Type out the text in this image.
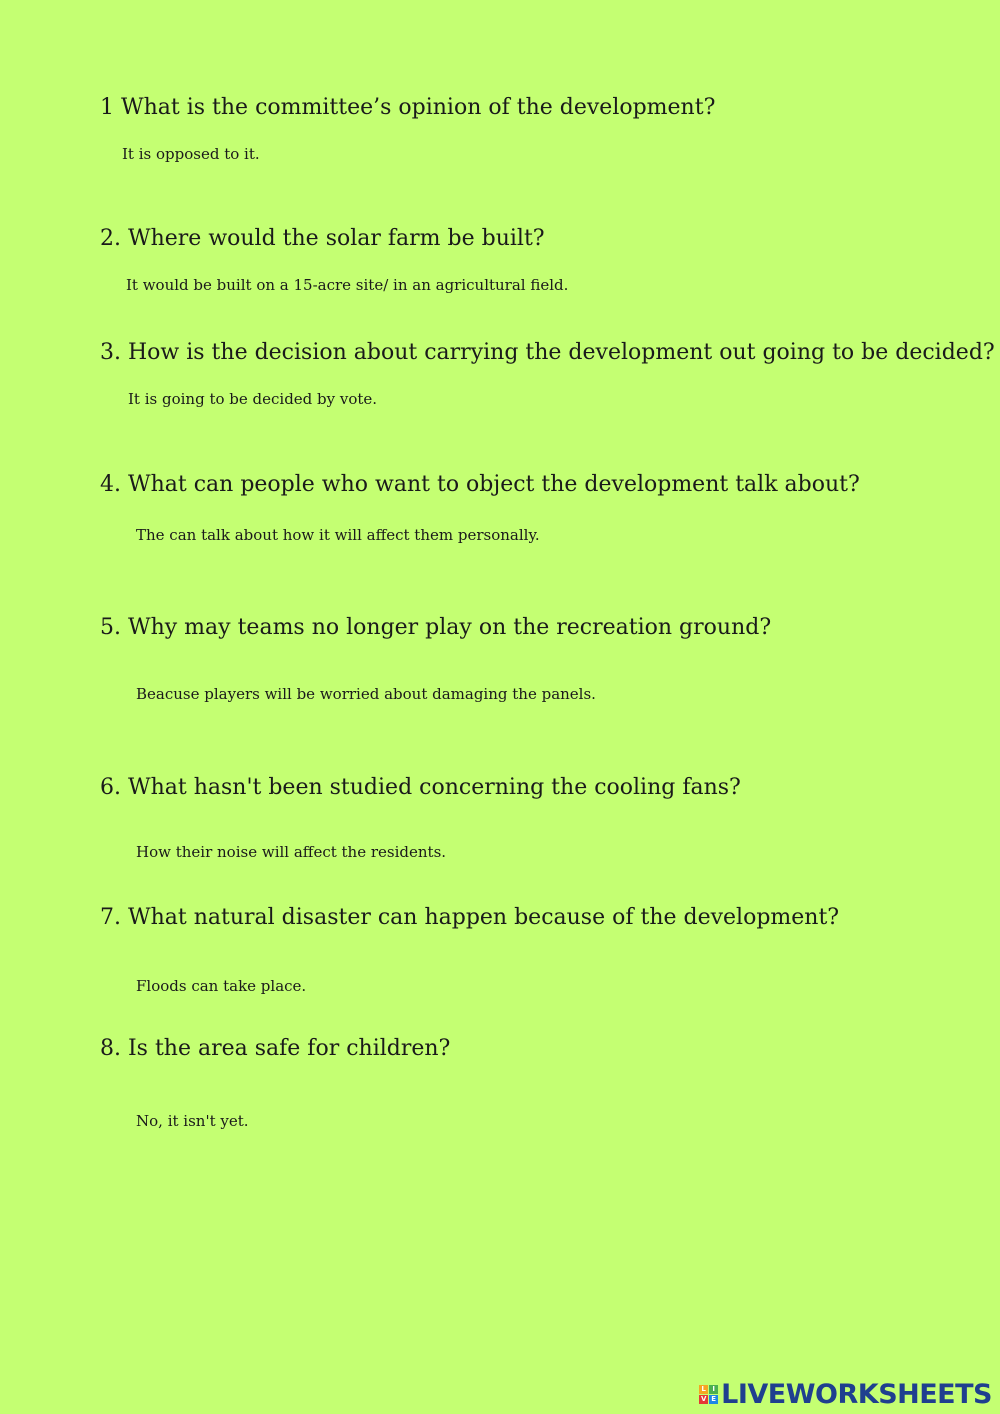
1 What is the committee’s opinion of the development?
It is opposed to it.
2. Where would the solar farm be built?
It would be built on a 15-acre site/ in an agricultural field.
3. How is the decision about carrying the development out going to be decided?
It is going to be decided by vote.
4. What can people who want to object the development talk about?
The can talk about how it will affect them personally.
5. Why may teams no longer play on the recreation ground?
Beacuse players will be worried about damaging the panels.
6. What hasn't been studied concerning the cooling fans?
How their noise will affect the residents.
7. What natural disaster can happen because of the development?
Floods can take place.
8. Is the area safe for children?
No, it isn't yet.
L I
V E LIVEWORKSHEETS
